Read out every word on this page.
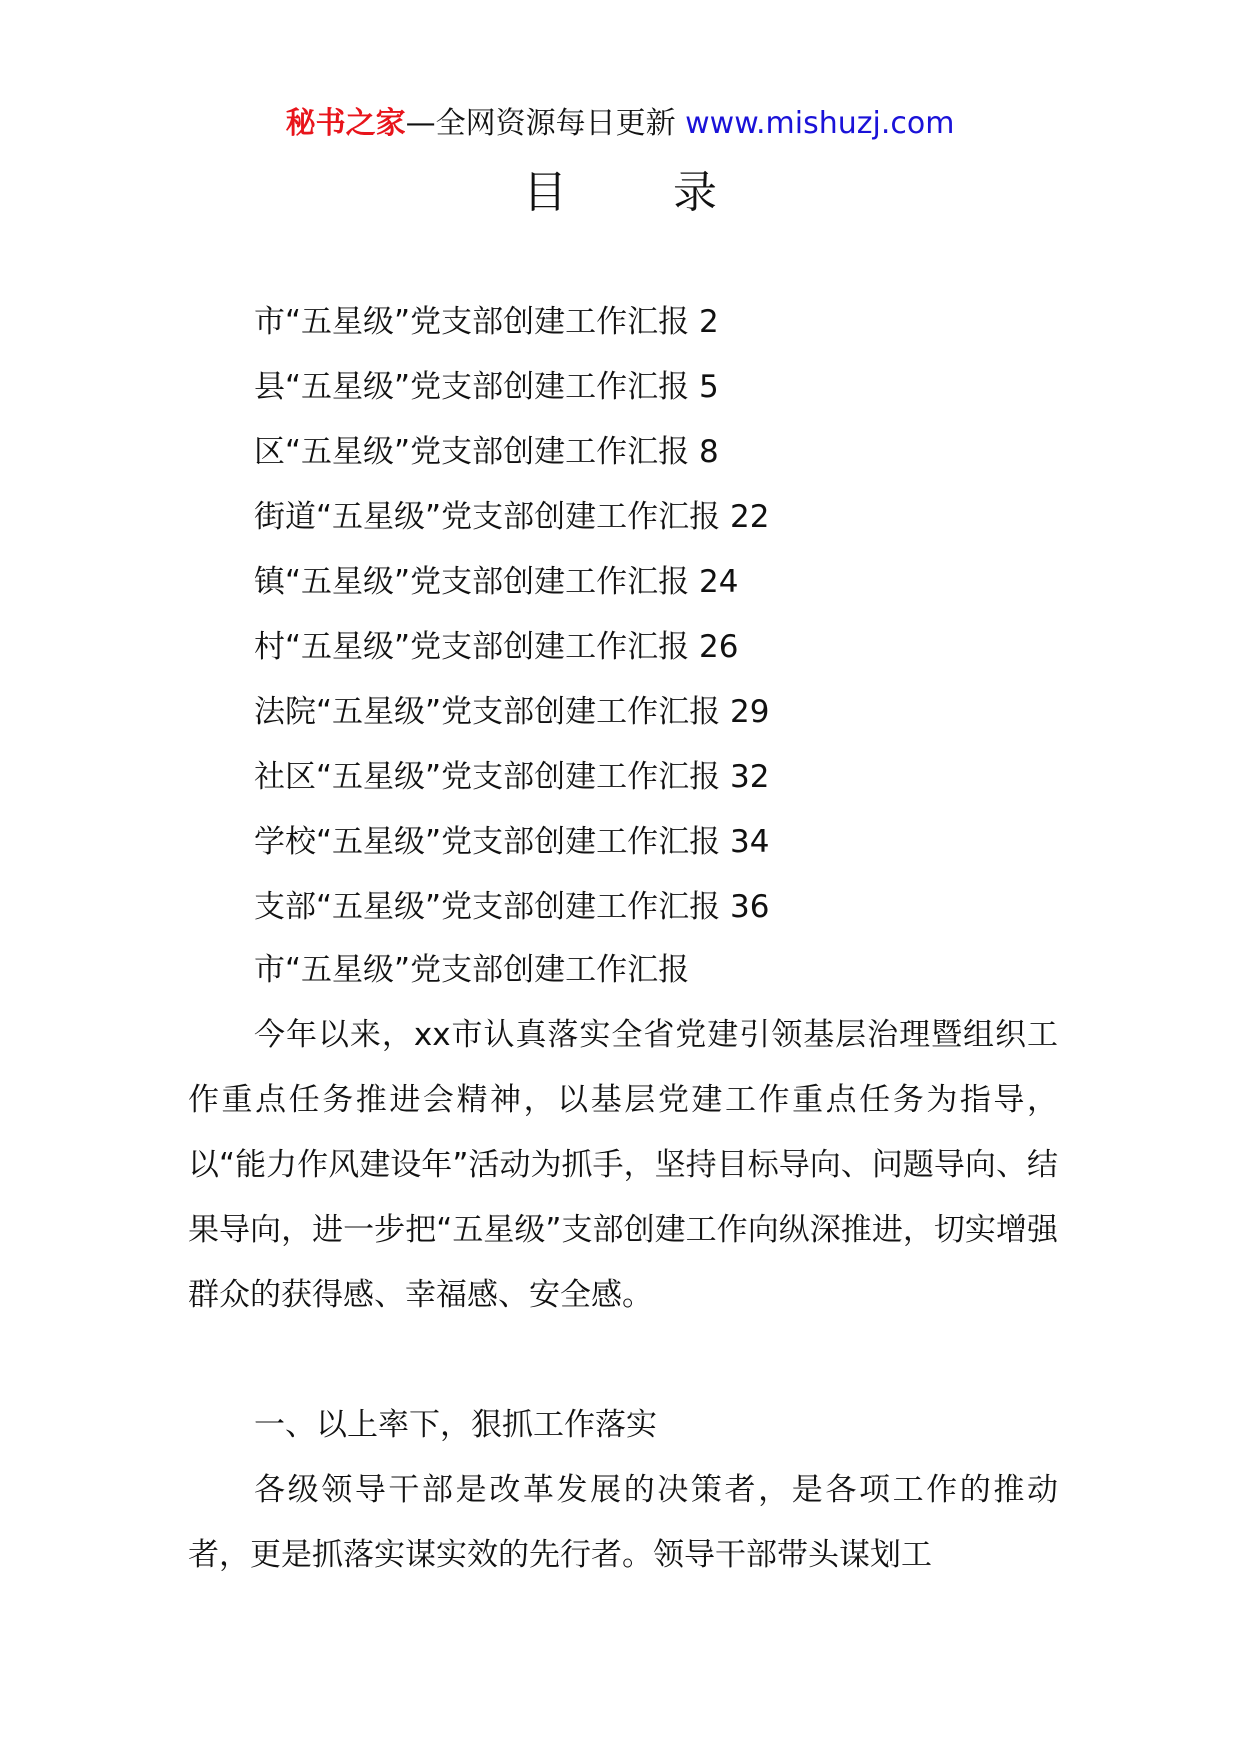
秘书之家—全网资源每日更新 www.mishuzj.com
目 录
市“五星级”党支部创建工作汇报 2
县“五星级”党支部创建工作汇报 5
区“五星级”党支部创建工作汇报 8
街道“五星级”党支部创建工作汇报 22
镇“五星级”党支部创建工作汇报 24
村“五星级”党支部创建工作汇报 26
法院“五星级”党支部创建工作汇报 29
社区“五星级”党支部创建工作汇报 32
学校“五星级”党支部创建工作汇报 34
支部“五星级”党支部创建工作汇报 36
市“五星级”党支部创建工作汇报

今年以来，xx市认真落实全省党建引领基层治理暨组织工作重点任务推进会精神，以基层党建工作重点任务为指导，以“能力作风建设年”活动为抓手，坚持目标导向、问题导向、结果导向，进一步把“五星级”支部创建工作向纵深推进，切实增强群众的获得感、幸福感、安全感。

一、以上率下，狠抓工作落实

各级领导干部是改革发展的决策者，是各项工作的推动者，更是抓落实谋实效的先行者。领导干部带头谋划工
